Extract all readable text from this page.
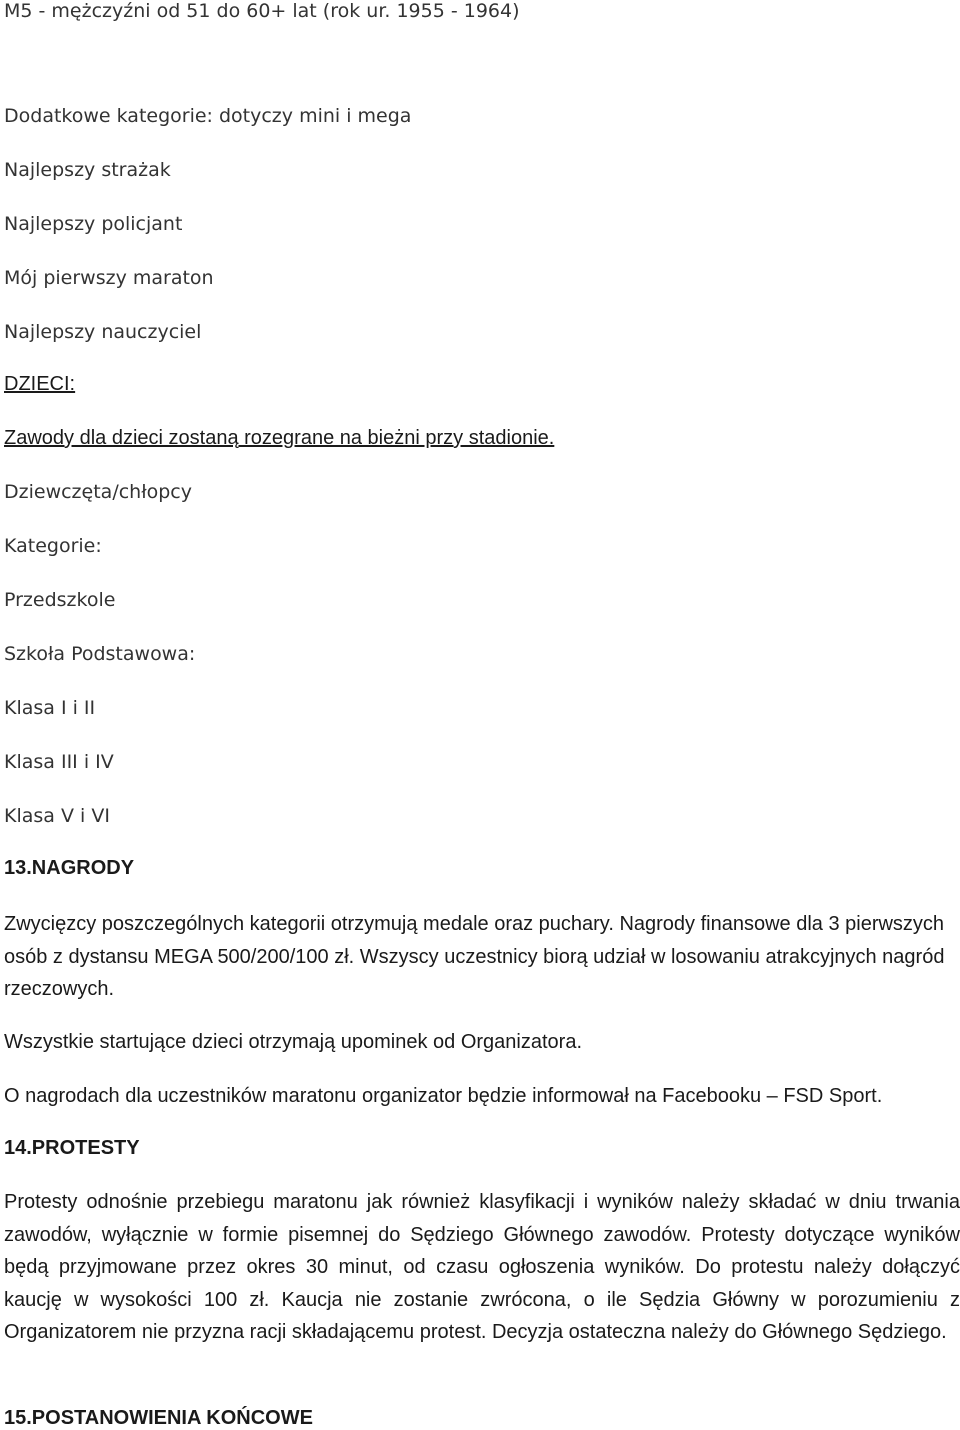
M5 - mężczyźni od 51 do 60+ lat (rok ur. 1955 - 1964)
Dodatkowe kategorie: dotyczy mini i mega
Najlepszy strażak
Najlepszy policjant
Mój pierwszy maraton
Najlepszy nauczyciel
DZIECI:
Zawody dla dzieci zostaną rozegrane na bieżni przy stadionie.
Dziewczęta/chłopcy
Kategorie:
Przedszkole
Szkoła Podstawowa:
Klasa I i II
Klasa III i IV
Klasa V i VI
13.NAGRODY
Zwycięzcy poszczególnych kategorii otrzymują medale oraz puchary. Nagrody finansowe dla 3 pierwszych osób z dystansu MEGA 500/200/100 zł. Wszyscy uczestnicy biorą udział w losowaniu atrakcyjnych nagród rzeczowych.
Wszystkie startujące dzieci otrzymają upominek od Organizatora.
O nagrodach dla uczestników maratonu organizator będzie informował na Facebooku – FSD Sport.
14.PROTESTY
Protesty odnośnie przebiegu maratonu jak również klasyfikacji i wyników należy składać w dniu trwania zawodów, wyłącznie w formie pisemnej do Sędziego Głównego zawodów. Protesty dotyczące wyników będą przyjmowane przez okres 30 minut, od czasu ogłoszenia wyników. Do protestu należy dołączyć kaucję w wysokości 100 zł. Kaucja nie zostanie zwrócona, o ile Sędzia Główny w porozumieniu z Organizatorem nie przyzna racji składającemu protest. Decyzja ostateczna należy do Głównego Sędziego.
15.POSTANOWIENIA KOŃCOWE
